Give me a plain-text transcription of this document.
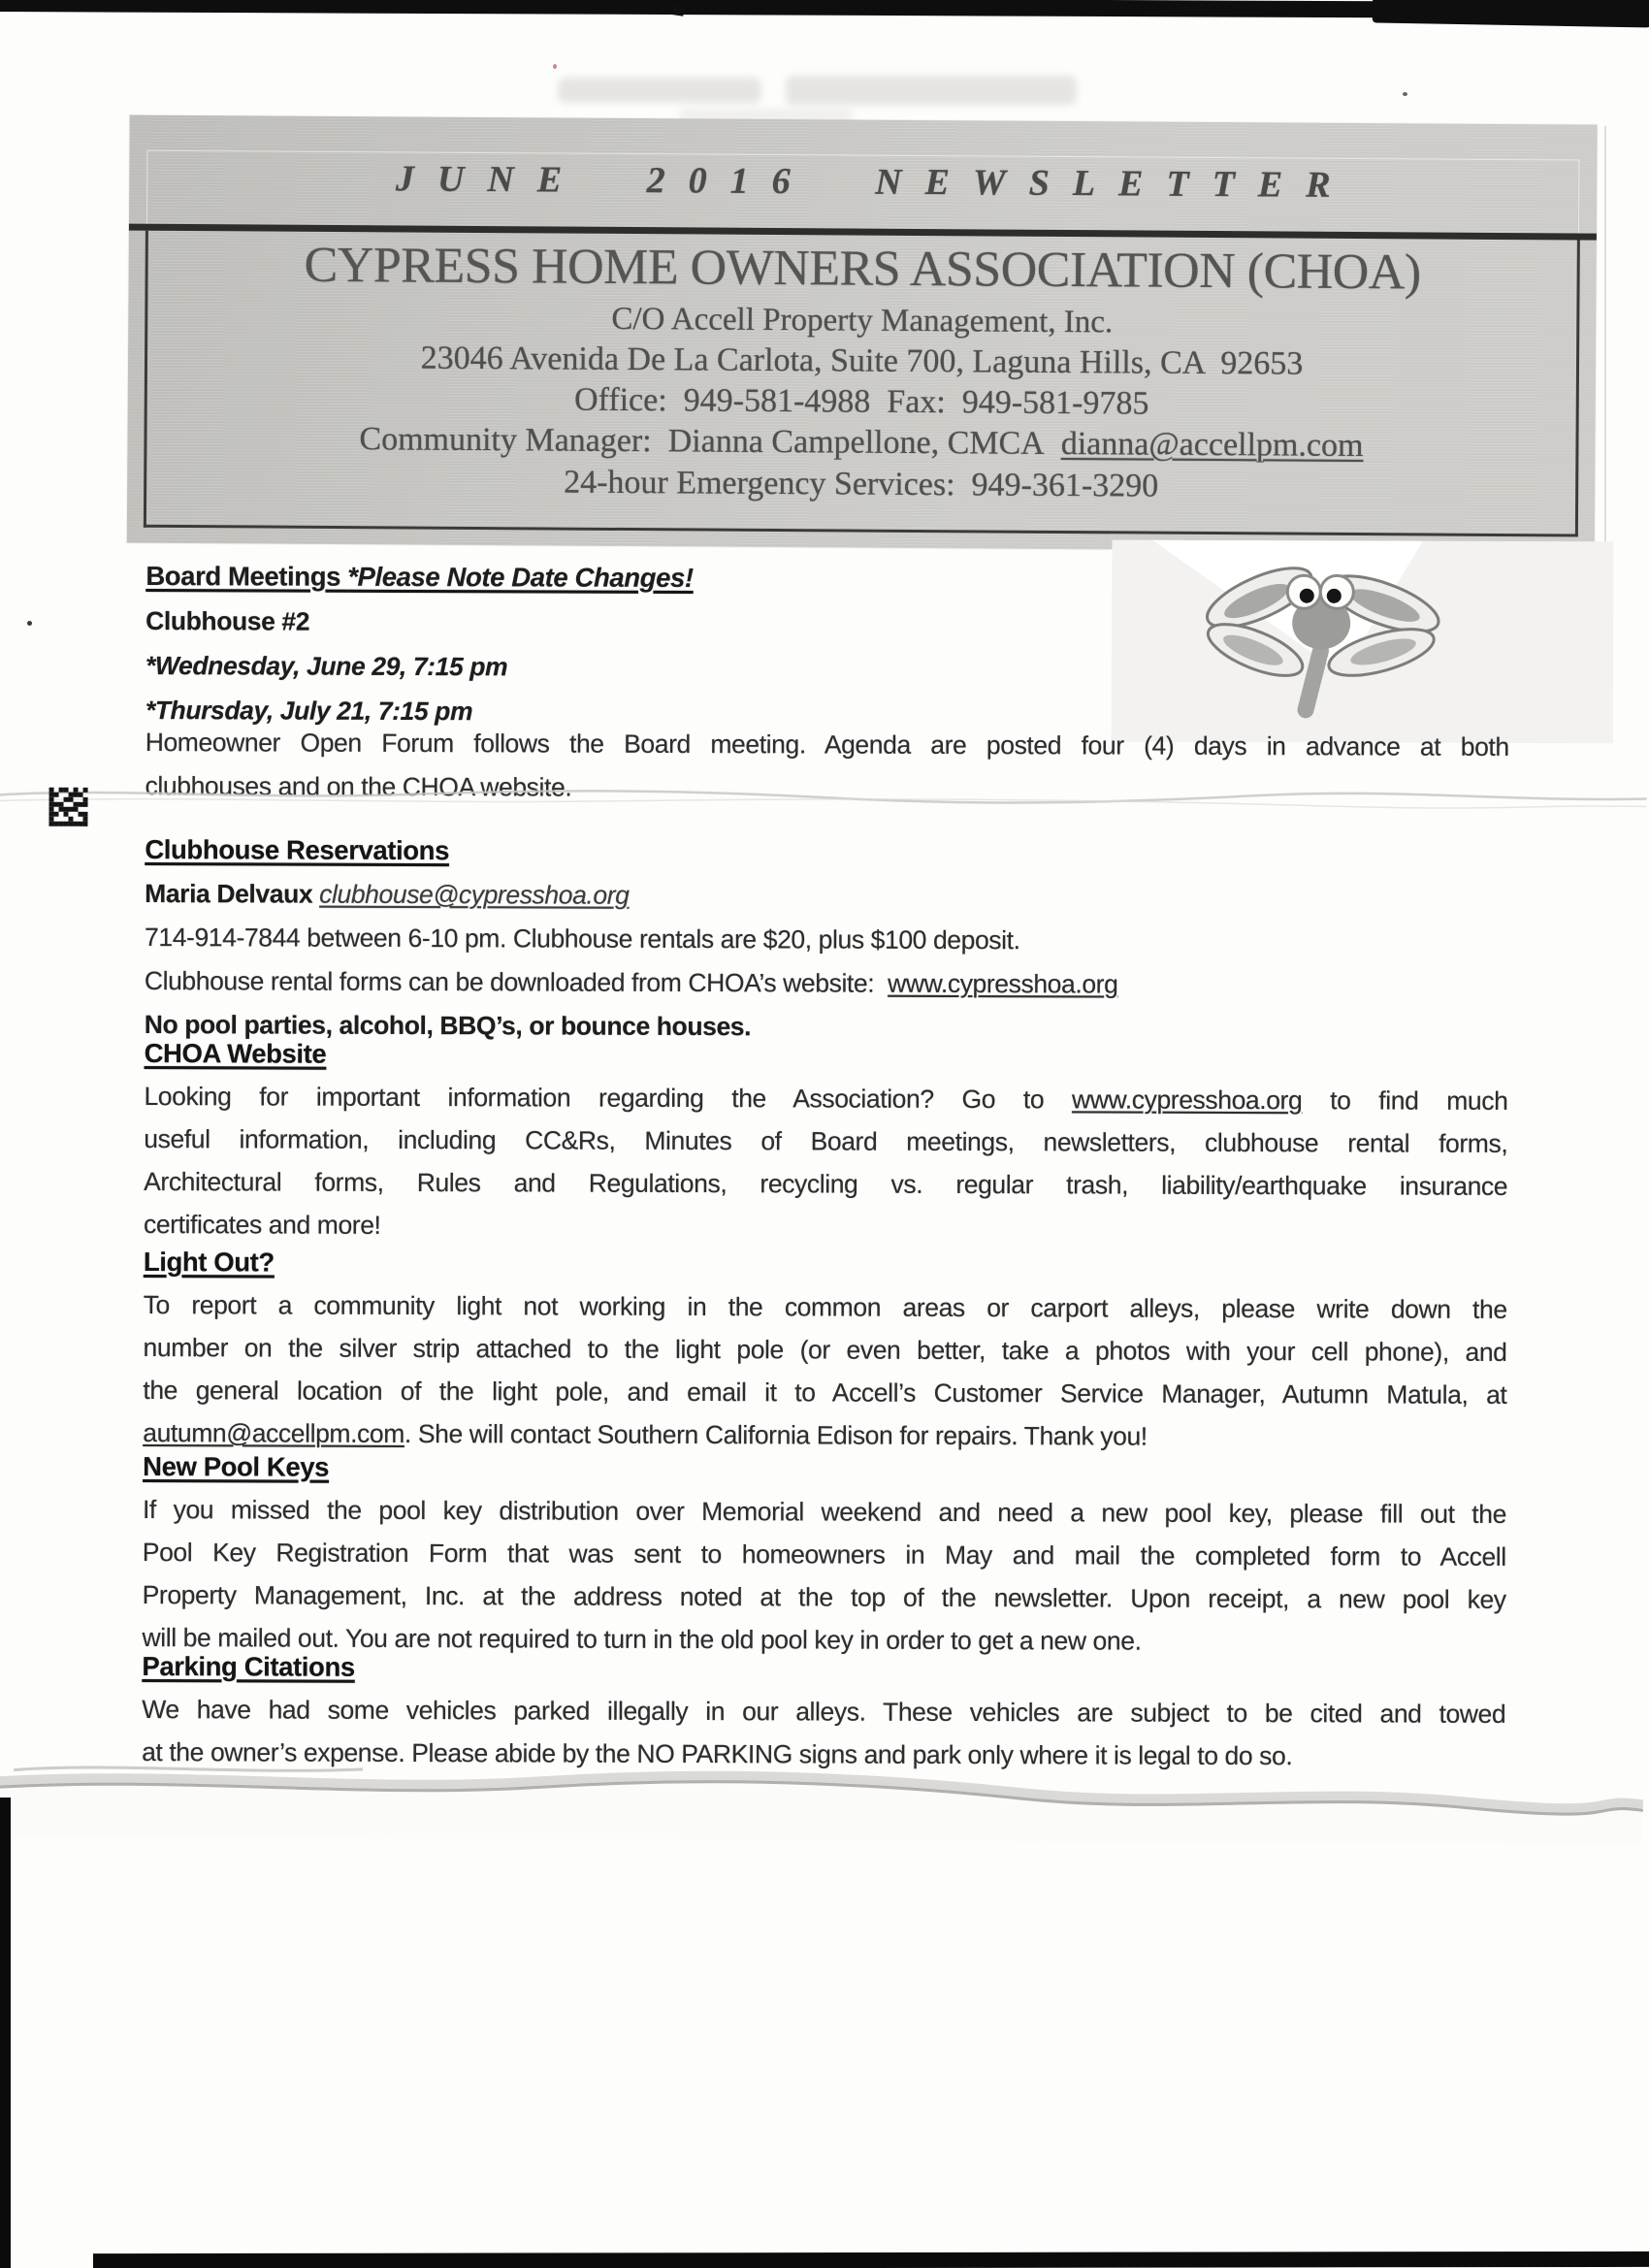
JUNE 2016 NEWSLETTER
CYPRESS HOME OWNERS ASSOCIATION (CHOA)
C/O Accell Property Management, Inc.
23046 Avenida De La Carlota, Suite 700, Laguna Hills, CA  92653
Office:  949-581-4988  Fax:  949-581-9785
Community Manager:  Dianna Campellone, CMCA  dianna@accellpm.com
24-hour Emergency Services:  949-361-3290
Board Meetings *Please Note Date Changes!
Clubhouse #2
*Wednesday, June 29, 7:15 pm
*Thursday, July 21, 7:15 pm
Homeowner Open Forum follows the Board meeting. Agenda are posted four (4) days in advance at both
clubhouses and on the CHOA website.
Clubhouse Reservations
Maria Delvaux clubhouse@cypresshoa.org
714-914-7844 between 6-10 pm. Clubhouse rentals are $20, plus $100 deposit.
Clubhouse rental forms can be downloaded from CHOA’s website:  www.cypresshoa.org
No pool parties, alcohol, BBQ’s, or bounce houses.
CHOA Website
Looking for important information regarding the Association? Go to www.cypresshoa.org to find much
useful information, including CC&Rs, Minutes of Board meetings, newsletters, clubhouse rental forms,
Architectural forms, Rules and Regulations, recycling vs. regular trash, liability/earthquake insurance
certificates and more!
Light Out?
To report a community light not working in the common areas or carport alleys, please write down the
number on the silver strip attached to the light pole (or even better, take a photos with your cell phone), and
the general location of the light pole, and email it to Accell’s Customer Service Manager, Autumn Matula, at
autumn@accellpm.com. She will contact Southern California Edison for repairs. Thank you!
New Pool Keys
If you missed the pool key distribution over Memorial weekend and need a new pool key, please fill out the
Pool Key Registration Form that was sent to homeowners in May and mail the completed form to Accell
Property Management, Inc. at the address noted at the top of the newsletter. Upon receipt, a new pool key
will be mailed out. You are not required to turn in the old pool key in order to get a new one.
Parking Citations
We have had some vehicles parked illegally in our alleys. These vehicles are subject to be cited and towed
at the owner’s expense. Please abide by the NO PARKING signs and park only where it is legal to do so.
